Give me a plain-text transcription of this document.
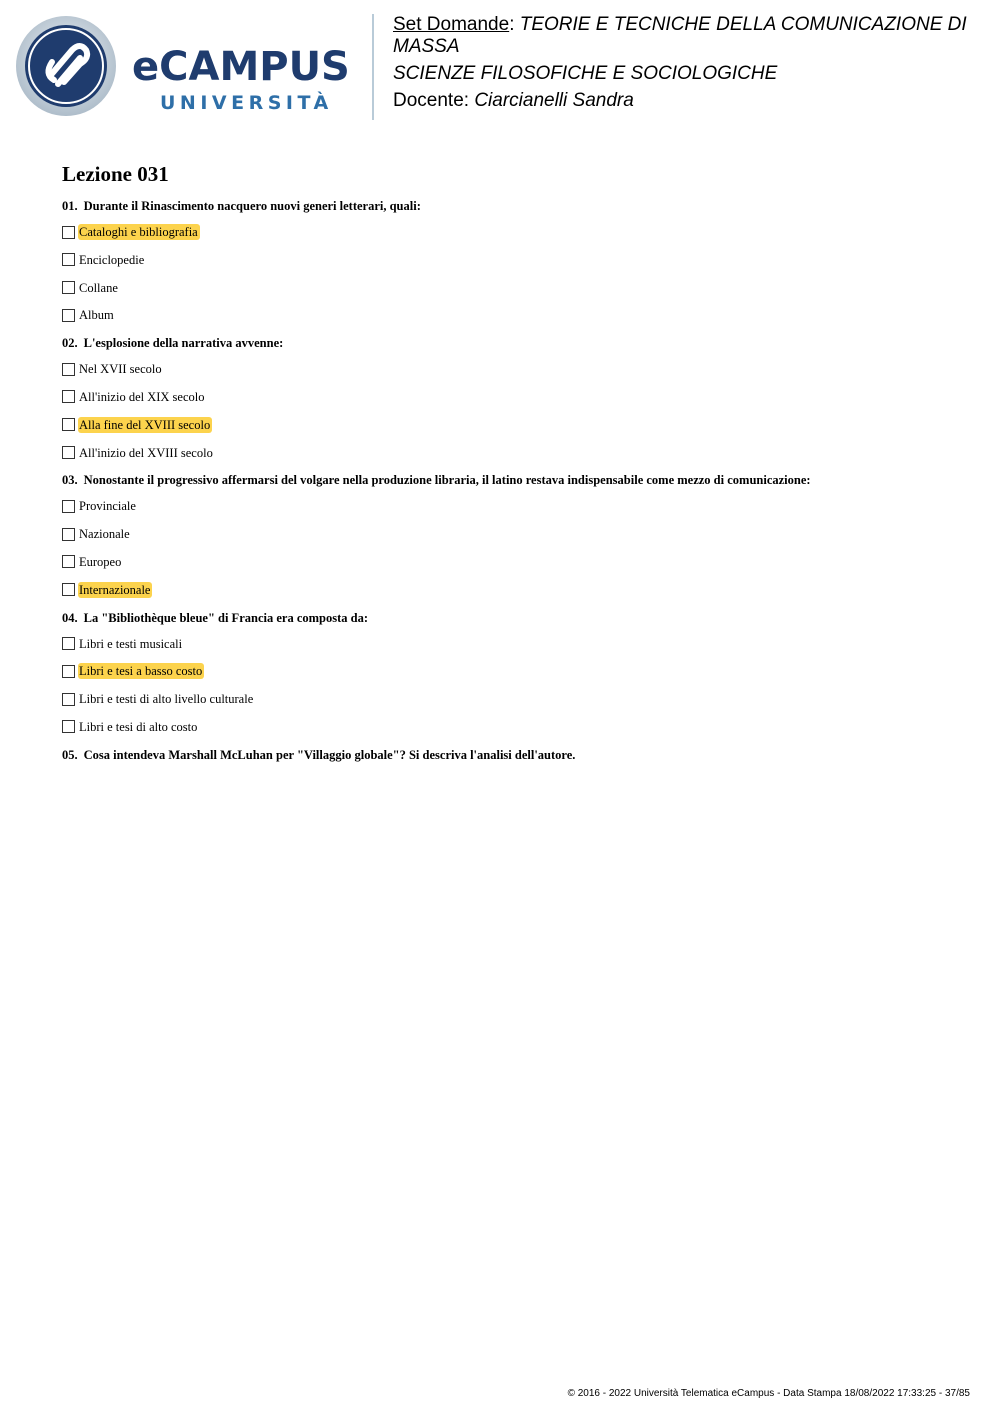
eCAMPUS
UNIVERSITÀ
Set Domande: TEORIE E TECNICHE DELLA COMUNICAZIONE DI MASSA
SCIENZE FILOSOFICHE E SOCIOLOGICHE
Docente: Ciarcianelli Sandra
Lezione 031
01. Durante il Rinascimento nacquero nuovi generi letterari, quali:
Cataloghi e bibliografia
Enciclopedie
Collane
Album
02. L'esplosione della narrativa avvenne:
Nel XVII secolo
All'inizio del XIX secolo
Alla fine del XVIII secolo
All'inizio del XVIII secolo
03. Nonostante il progressivo affermarsi del volgare nella produzione libraria, il latino restava indispensabile come mezzo di comunicazione:
Provinciale
Nazionale
Europeo
Internazionale
04. La "Bibliothèque bleue" di Francia era composta da:
Libri e testi musicali
Libri e tesi a basso costo
Libri e testi di alto livello culturale
Libri e tesi di alto costo
05. Cosa intendeva Marshall McLuhan per "Villaggio globale"? Si descriva l'analisi dell'autore.
© 2016 - 2022 Università Telematica eCampus - Data Stampa 18/08/2022 17:33:25 - 37/85
